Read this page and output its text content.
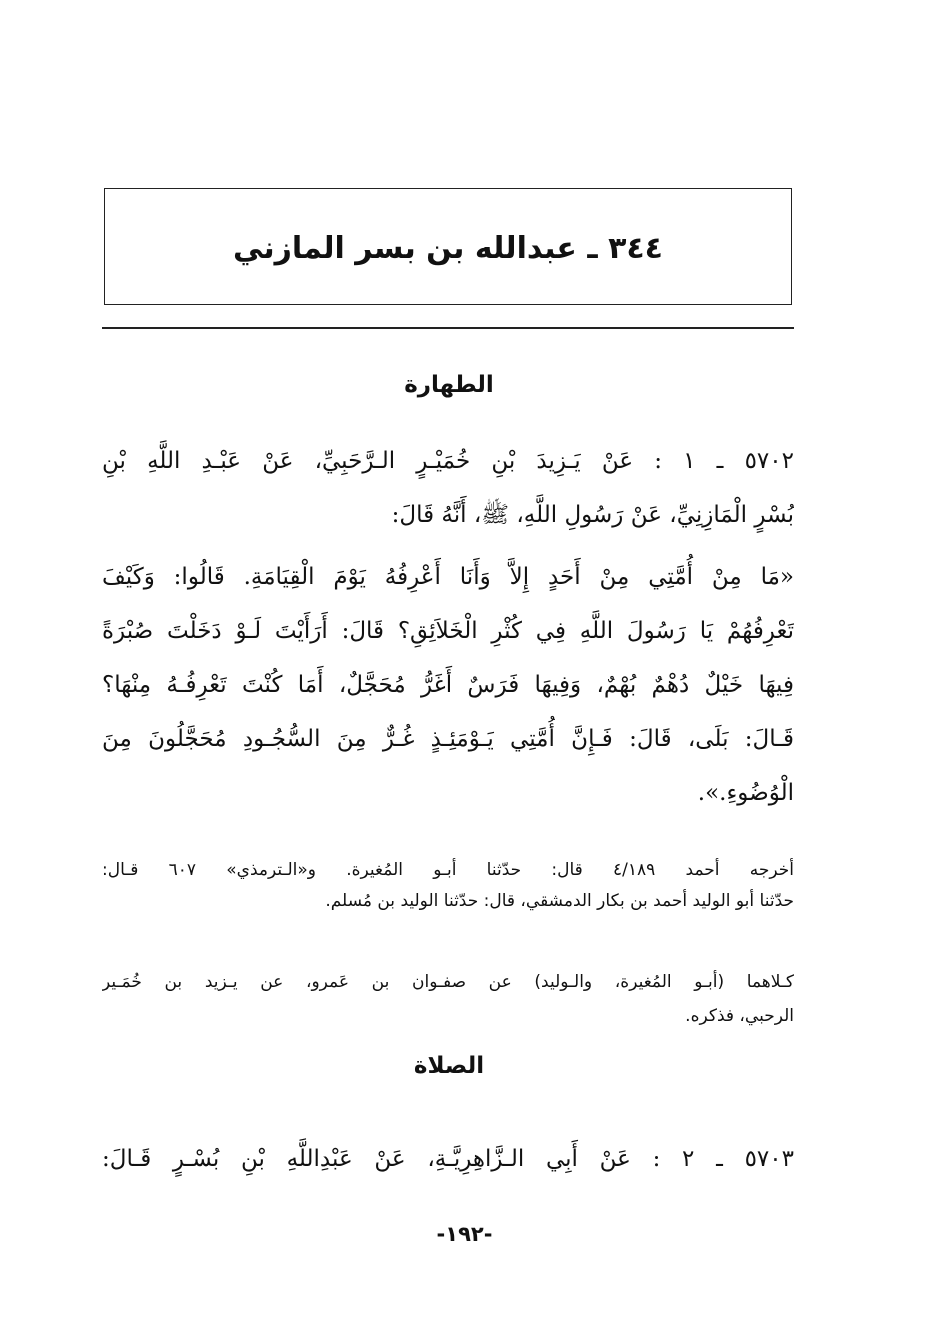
٣٤٤ ـ عبدالله بن بسر المازني
الطهارة
٥٧٠٢ ـ ١ : عَنْ يَـزِيدَ بْنِ خُمَيْـرٍ الـرَّحَبِيِّ، عَنْ عَبْـدِ اللَّهِ بْنِ
بُسْرٍ الْمَازِنِيِّ، عَنْ رَسُولِ اللَّهِ، ﷺ، أَنَّهُ قَالَ:
«مَا مِنْ أُمَّتِي مِنْ أَحَدٍ إِلاَّ وَأَنَا أَعْرِفُهُ يَوْمَ الْقِيَامَةِ. قَالُوا: وَكَيْفَ
تَعْرِفُهُمْ يَا رَسُولَ اللَّهِ فِي كُثْرِ الْخَلاَئِقِ؟ قَالَ: أَرَأَيْتَ لَـوْ دَخَلْتَ صُبْرَةً
فِيهَا خَيْلٌ دُهْمٌ بُهْمٌ، وَفِيهَا فَرَسٌ أَغَرُّ مُحَجَّلٌ، أَمَا كُنْتَ تَعْرِفُـهُ مِنْهَا؟
قَـالَ: بَلَى، قَالَ: فَـإِنَّ أُمَّتِي يَـوْمَئِـذٍ غُـرٌّ مِنَ السُّجُـودِ مُحَجَّلُونَ مِنَ
الْوُضُوءِ.».
أخرجه أحمد ٤/١٨٩ قال: حدّثنا أبـو المُغيرة. و«الـترمذي» ٦٠٧ قـال:
حدّثنا أبو الوليد أحمد بن بكار الدمشقي، قال: حدّثنا الوليد بن مُسلم.
كـلاهما (أبـو المُغيرة، والـوليد) عن صفـوان بن عَمرو، عن يـزيد بن خُمَـير
الرحبي، فذكره.
الصلاة
٥٧٠٣ ـ ٢ : عَنْ أَبِي الـزَّاهِرِيَّـةِ، عَنْ عَبْدِاللَّهِ بْنِ بُسْـرٍ قَـالَ:
-١٩٢-
